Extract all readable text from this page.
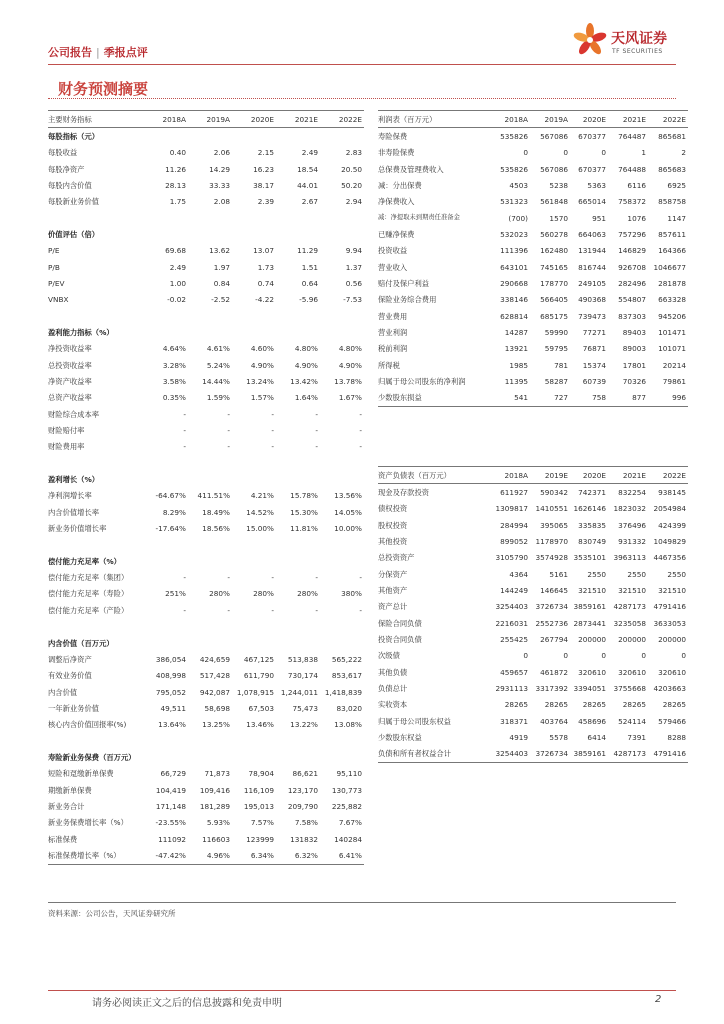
公司报告 | 季报点评
天风证券
TF SECURITIES
财务预测摘要
主要财务指标	2018A	2019A	2020E	2021E	2022E
每股指标（元）					
每股收益	0.40	2.06	2.15	2.49	2.83
每股净资产	11.26	14.29	16.23	18.54	20.50
每股内含价值	28.13	33.33	38.17	44.01	50.20
每股新业务价值	1.75	2.08	2.39	2.67	2.94

价值评估（倍）					
P/E	69.68	13.62	13.07	11.29	9.94
P/B	2.49	1.97	1.73	1.51	1.37
P/EV	1.00	0.84	0.74	0.64	0.56
VNBX	-0.02	-2.52	-4.22	-5.96	-7.53

盈利能力指标（%）					
净投资收益率	4.64%	4.61%	4.60%	4.80%	4.80%
总投资收益率	3.28%	5.24%	4.90%	4.90%	4.90%
净资产收益率	3.58%	14.44%	13.24%	13.42%	13.78%
总资产收益率	0.35%	1.59%	1.57%	1.64%	1.67%
财险综合成本率	-	-	-	-	-
财险赔付率	-	-	-	-	-
财险费用率	-	-	-	-	-

盈利增长（%）					
净利润增长率	-64.67%	411.51%	4.21%	15.78%	13.56%
内含价值增长率	8.29%	18.49%	14.52%	15.30%	14.05%
新业务价值增长率	-17.64%	18.56%	15.00%	11.81%	10.00%

偿付能力充足率（%）					
偿付能力充足率（集团）	-	-	-	-	-
偿付能力充足率（寿险）	251%	280%	280%	280%	380%
偿付能力充足率（产险）	-	-	-	-	-

内含价值（百万元）					
调整后净资产	386,054	424,659	467,125	513,838	565,222
有效业务价值	408,998	517,428	611,790	730,174	853,617
内含价值	795,052	942,087	1,078,915	1,244,011	1,418,839
一年新业务价值	49,511	58,698	67,503	75,473	83,020
核心内含价值回报率(%)	13.64%	13.25%	13.46%	13.22%	13.08%

寿险新业务保费（百万元）					
短险和趸缴新单保费	66,729	71,873	78,904	86,621	95,110
期缴新单保费	104,419	109,416	116,109	123,170	130,773
新业务合计	171,148	181,289	195,013	209,790	225,882
新业务保费增长率（%）	-23.55%	5.93%	7.57%	7.58%	7.67%
标准保费	111092	116603	123999	131832	140284
标准保费增长率（%）	-47.42%	4.96%	6.34%	6.32%	6.41%
利润表（百万元）	2018A	2019A	2020E	2021E	2022E
寿险保费	535826	567086	670377	764487	865681
非寿险保费	0	0	0	1	2
总保费及管理费收入	535826	567086	670377	764488	865683
减：分出保费	4503	5238	5363	6116	6925
净保费收入	531323	561848	665014	758372	858758
减：净提取未到期责任准备金	(700)	1570	951	1076	1147
已赚净保费	532023	560278	664063	757296	857611
投资收益	111396	162480	131944	146829	164366
营业收入	643101	745165	816744	926708	1046677
赔付及保户利益	290668	178770	249105	282496	281878
保险业务综合费用	338146	566405	490368	554807	663328
营业费用	628814	685175	739473	837303	945206
营业利润	14287	59990	77271	89403	101471
税前利润	13921	59795	76871	89003	101071
所得税	1985	781	15374	17801	20214
归属于母公司股东的净利润	11395	58287	60739	70326	79861
少数股东损益	541	727	758	877	996
资产负债表（百万元）	2018A	2019E	2020E	2021E	2022E
现金及存款投资	611927	590342	742371	832254	938145
债权投资	1309817	1410551	1626146	1823032	2054984
股权投资	284994	395065	335835	376496	424399
其他投资	899052	1178970	830749	931332	1049829
总投资资产	3105790	3574928	3535101	3963113	4467356
分保资产	4364	5161	2550	2550	2550
其他资产	144249	146645	321510	321510	321510
资产总计	3254403	3726734	3859161	4287173	4791416
保险合同负债	2216031	2552736	2873441	3235058	3633053
投资合同负债	255425	267794	200000	200000	200000
次级债	0	0	0	0	0
其他负债	459657	461872	320610	320610	320610
负债总计	2931113	3317392	3394051	3755668	4203663
实收资本	28265	28265	28265	28265	28265
归属于母公司股东权益	318371	403764	458696	524114	579466
少数股东权益	4919	5578	6414	7391	8288
负债和所有者权益合计	3254403	3726734	3859161	4287173	4791416
资料来源：公司公告，天风证券研究所
请务必阅读正文之后的信息披露和免责申明	2
